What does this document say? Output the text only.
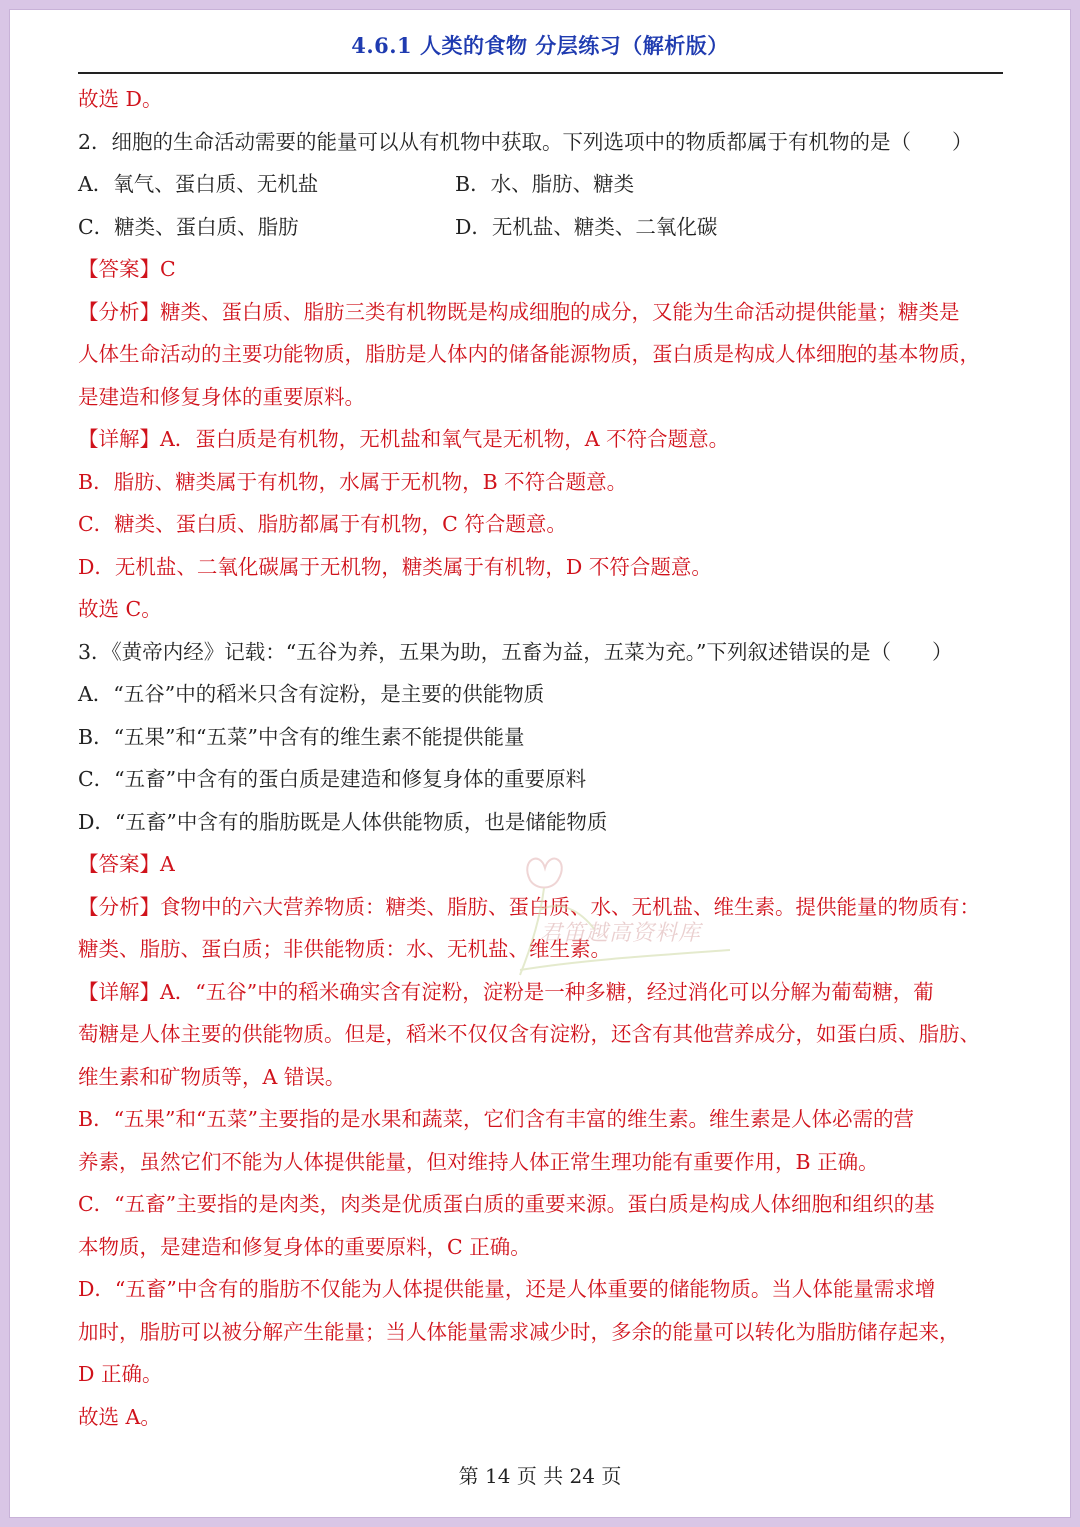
4.6.1 人类的食物 分层练习（解析版）
故选 D。
2．细胞的生命活动需要的能量可以从有机物中获取。下列选项中的物质都属于有机物的是（　　）
A．氧气、蛋白质、无机盐	B．水、脂肪、糖类
C．糖类、蛋白质、脂肪	D．无机盐、糖类、二氧化碳
【答案】C
【分析】糖类、蛋白质、脂肪三类有机物既是构成细胞的成分，又能为生命活动提供能量；糖类是
人体生命活动的主要功能物质，脂肪是人体内的储备能源物质，蛋白质是构成人体细胞的基本物质，
是建造和修复身体的重要原料。
【详解】A．蛋白质是有机物，无机盐和氧气是无机物，A 不符合题意。
B．脂肪、糖类属于有机物，水属于无机物，B 不符合题意。
C．糖类、蛋白质、脂肪都属于有机物，C 符合题意。
D．无机盐、二氧化碳属于无机物，糖类属于有机物，D 不符合题意。
故选 C。
3．《黄帝内经》记载：“五谷为养，五果为助，五畜为益，五菜为充。”下列叙述错误的是（　　）
A．“五谷”中的稻米只含有淀粉，是主要的供能物质
B．“五果”和“五菜”中含有的维生素不能提供能量
C．“五畜”中含有的蛋白质是建造和修复身体的重要原料
D．“五畜”中含有的脂肪既是人体供能物质，也是储能物质
【答案】A
【分析】食物中的六大营养物质：糖类、脂肪、蛋白质、水、无机盐、维生素。提供能量的物质有：
糖类、脂肪、蛋白质；非供能物质：水、无机盐、维生素。
【详解】A．“五谷”中的稻米确实含有淀粉，淀粉是一种多糖，经过消化可以分解为葡萄糖，葡
萄糖是人体主要的供能物质。但是，稻米不仅仅含有淀粉，还含有其他营养成分，如蛋白质、脂肪、
维生素和矿物质等，A 错误。
B．“五果”和“五菜”主要指的是水果和蔬菜，它们含有丰富的维生素。维生素是人体必需的营
养素，虽然它们不能为人体提供能量，但对维持人体正常生理功能有重要作用，B 正确。
C．“五畜”主要指的是肉类，肉类是优质蛋白质的重要来源。蛋白质是构成人体细胞和组织的基
本物质，是建造和修复身体的重要原料，C 正确。
D．“五畜”中含有的脂肪不仅能为人体提供能量，还是人体重要的储能物质。当人体能量需求增
加时，脂肪可以被分解产生能量；当人体能量需求减少时，多余的能量可以转化为脂肪储存起来，
D 正确。
故选 A。
君笛越高资料库
第 14 页 共 24 页
